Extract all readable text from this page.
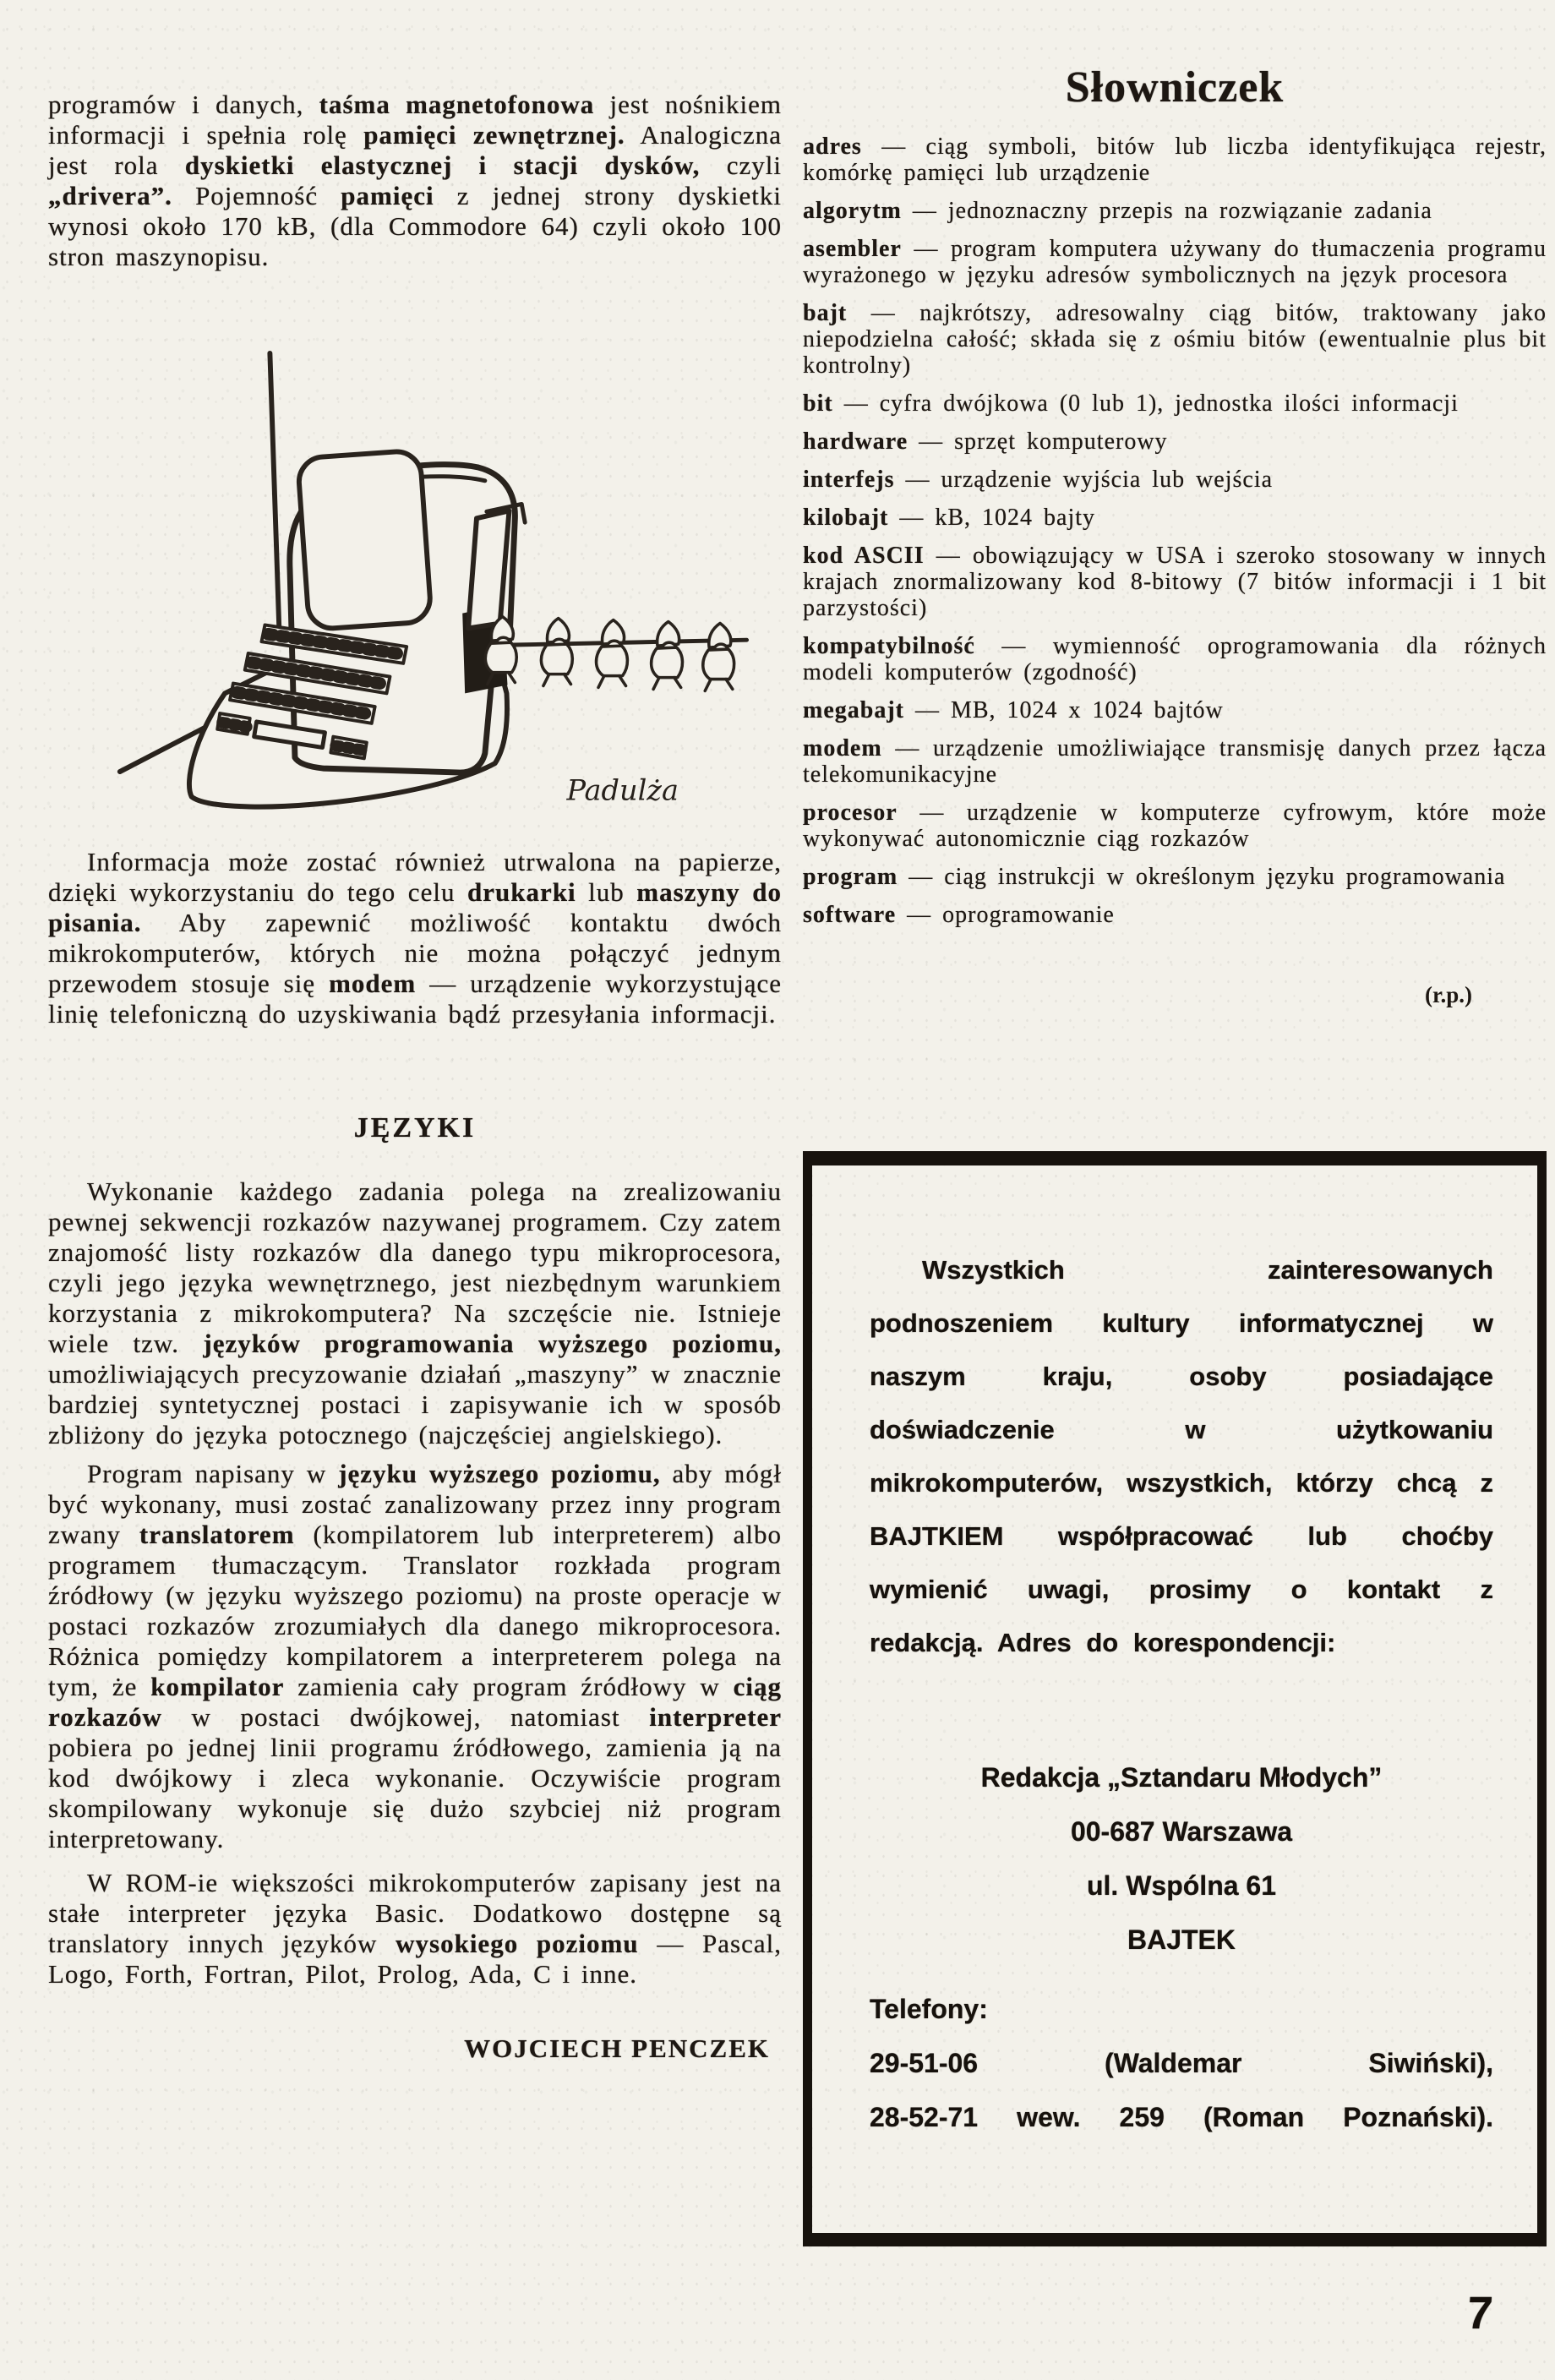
programów i danych, taśma magnetofonowa jest nośnikiem informacji i spełnia rolę pamięci zewnętrznej. Analogiczna jest rola dyskietki elastycznej i stacji dysków, czyli „drivera”. Pojemność pamięci z jednej strony dyskietki wynosi około 170 kB, (dla Commodore 64) czyli około 100 stron maszynopisu.

Padulża

Informacja może zostać również utrwalona na papierze, dzięki wykorzystaniu do tego celu drukarki lub maszyny do pisania. Aby zapewnić możliwość kontaktu dwóch mikrokomputerów, których nie można połączyć jednym przewodem stosuje się modem — urządzenie wykorzystujące linię telefoniczną do uzyskiwania bądź przesyłania informacji.

JĘZYKI

Wykonanie każdego zadania polega na zrealizowaniu pewnej sekwencji rozkazów nazywanej programem. Czy zatem znajomość listy rozkazów dla danego typu mikroprocesora, czyli jego języka wewnętrznego, jest niezbędnym warunkiem korzystania z mikrokomputera? Na szczęście nie. Istnieje wiele tzw. języków programowania wyższego poziomu, umożliwiających precyzowanie działań „maszyny” w znacznie bardziej syntetycznej postaci i zapisywanie ich w sposób zbliżony do języka potocznego (najczęściej angielskiego).

Program napisany w języku wyższego poziomu, aby mógł być wykonany, musi zostać zanalizowany przez inny program zwany translatorem (kompilatorem lub interpreterem) albo programem tłumaczącym. Translator rozkłada program źródłowy (w języku wyższego poziomu) na proste operacje w postaci rozkazów zrozumiałych dla danego mikroprocesora. Różnica pomiędzy kompilatorem a interpreterem polega na tym, że kompilator zamienia cały program źródłowy w ciąg rozkazów w postaci dwójkowej, natomiast interpreter pobiera po jednej linii programu źródłowego, zamienia ją na kod dwójkowy i zleca wykonanie. Oczywiście program skompilowany wykonuje się dużo szybciej niż program interpretowany.

W ROM-ie większości mikrokomputerów zapisany jest na stałe interpreter języka Basic. Dodatkowo dostępne są translatory innych języków wysokiego poziomu — Pascal, Logo, Forth, Fortran, Pilot, Prolog, Ada, C i inne.

WOJCIECH PENCZEK
Słowniczek

adres — ciąg symboli, bitów lub liczba identyfikująca rejestr, komórkę pamięci lub urządzenie

algorytm — jednoznaczny przepis na rozwiązanie zadania

asembler — program komputera używany do tłumaczenia programu wyrażonego w języku adresów symbolicznych na język procesora

bajt — najkrótszy, adresowalny ciąg bitów, traktowany jako niepodzielna całość; składa się z ośmiu bitów (ewentualnie plus bit kontrolny)

bit — cyfra dwójkowa (0 lub 1), jednostka ilości informacji

hardware — sprzęt komputerowy

interfejs — urządzenie wyjścia lub wejścia

kilobajt — kB, 1024 bajty

kod ASCII — obowiązujący w USA i szeroko stosowany w innych krajach znormalizowany kod 8-bitowy (7 bitów informacji i 1 bit parzystości)

kompatybilność — wymienność oprogramowania dla różnych modeli komputerów (zgodność)

megabajt — MB, 1024 x 1024 bajtów

modem — urządzenie umożliwiające transmisję danych przez łącza telekomunikacyjne

procesor — urządzenie w komputerze cyfrowym, które może wykonywać autonomicznie ciąg rozkazów

program — ciąg instrukcji w określonym języku programowania

software — oprogramowanie

(r.p.)

Wszystkich zainteresowanych podnoszeniem kultury informatycznej w naszym kraju, osoby posiadające doświadczenie w użytkowaniu mikrokomputerów, wszystkich, którzy chcą z BAJTKIEM współpracować lub choćby wymienić uwagi, prosimy o kontakt z redakcją. Adres do korespondencji:

Redakcja „Sztandaru Młodych”
00-687 Warszawa
ul. Wspólna 61
BAJTEK
Telefony:
29-51-06 (Waldemar Siwiński),
28-52-71 wew. 259 (Roman Poznański).
7
